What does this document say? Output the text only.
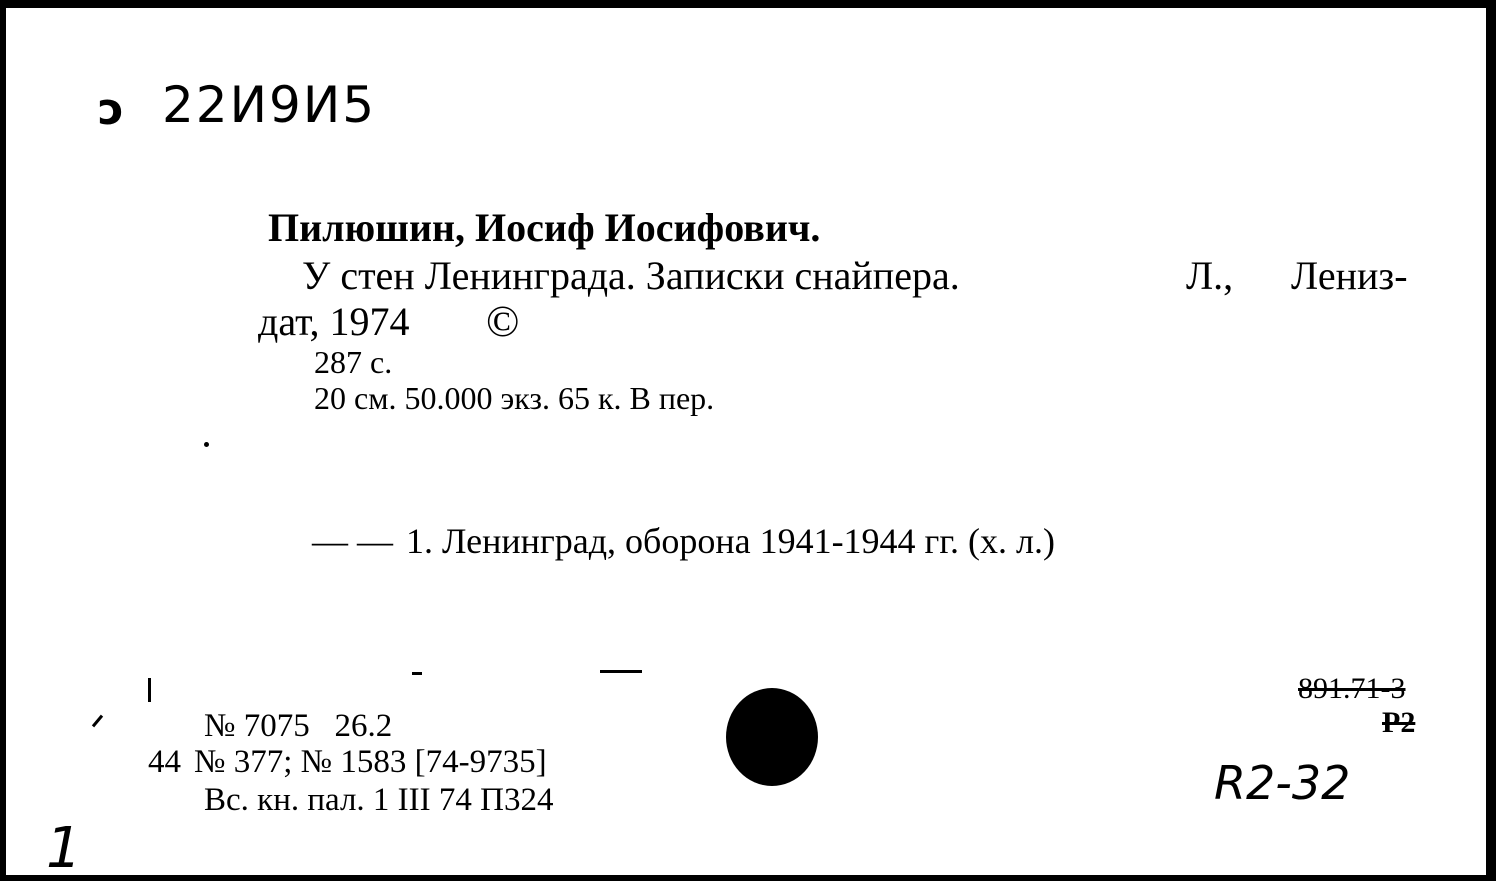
ↄ 22И9И5
Пилюшин, Иосиф Иосифович.
У стен Ленинграда. Записки снайпера.	Л., Лениз-
дат, 1974 ©
287 с.
20 см. 50.000 экз. 65 к. В пер.
— — 1. Ленинград, оборона 1941-1944 гг. (х. л.)
№ 7075   26.2
44 № 377; № 1583 [74-9735]
Вс. кн. пал. 1 III 74 П324
891.71-3
Р2
R2-32
1
